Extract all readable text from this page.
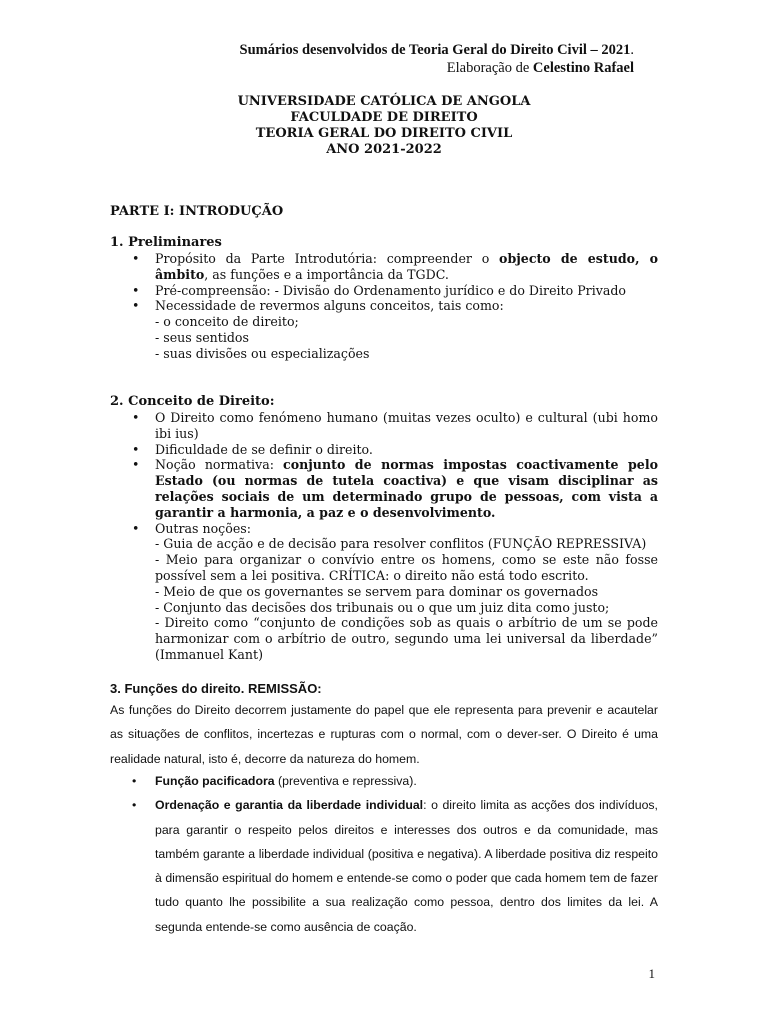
Sumários desenvolvidos de Teoria Geral do Direito Civil – 2021.
Elaboração de Celestino Rafael
UNIVERSIDADE CATÓLICA DE ANGOLA
FACULDADE DE DIREITO
TEORIA GERAL DO DIREITO CIVIL
ANO 2021-2022
PARTE I: INTRODUÇÃO
1. Preliminares
• Propósito da Parte Introdutória: compreender o objecto de estudo, o âmbito, as funções e a importância da TGDC.
• Pré-compreensão: - Divisão do Ordenamento jurídico e do Direito Privado
• Necessidade de revermos alguns conceitos, tais como:
- o conceito de direito;
- seus sentidos
- suas divisões ou especializações
2. Conceito de Direito:
• O Direito como fenómeno humano (muitas vezes oculto) e cultural (ubi homo ibi ius)
• Dificuldade de se definir o direito.
• Noção normativa: conjunto de normas impostas coactivamente pelo Estado (ou normas de tutela coactiva) e que visam disciplinar as relações sociais de um determinado grupo de pessoas, com vista a garantir a harmonia, a paz e o desenvolvimento.
• Outras noções:
- Guia de acção e de decisão para resolver conflitos (FUNÇÃO REPRESSIVA)
- Meio para organizar o convívio entre os homens, como se este não fosse possível sem a lei positiva. CRÍTICA: o direito não está todo escrito.
- Meio de que os governantes se servem para dominar os governados
- Conjunto das decisões dos tribunais ou o que um juiz dita como justo;
- Direito como “conjunto de condições sob as quais o arbítrio de um se pode harmonizar com o arbítrio de outro, segundo uma lei universal da liberdade” (Immanuel Kant)
3. Funções do direito. REMISSÃO:

As funções do Direito decorrem justamente do papel que ele representa para prevenir e acautelar as situações de conflitos, incertezas e rupturas com o normal, com o dever-ser. O Direito é uma realidade natural, isto é, decorre da natureza do homem.

• Função pacificadora (preventiva e repressiva).
• Ordenação e garantia da liberdade individual: o direito limita as acções dos indivíduos, para garantir o respeito pelos direitos e interesses dos outros e da comunidade, mas também garante a liberdade individual (positiva e negativa). A liberdade positiva diz respeito à dimensão espiritual do homem e entende-se como o poder que cada homem tem de fazer tudo quanto lhe possibilite a sua realização como pessoa, dentro dos limites da lei. A segunda entende-se como ausência de coação.
1
